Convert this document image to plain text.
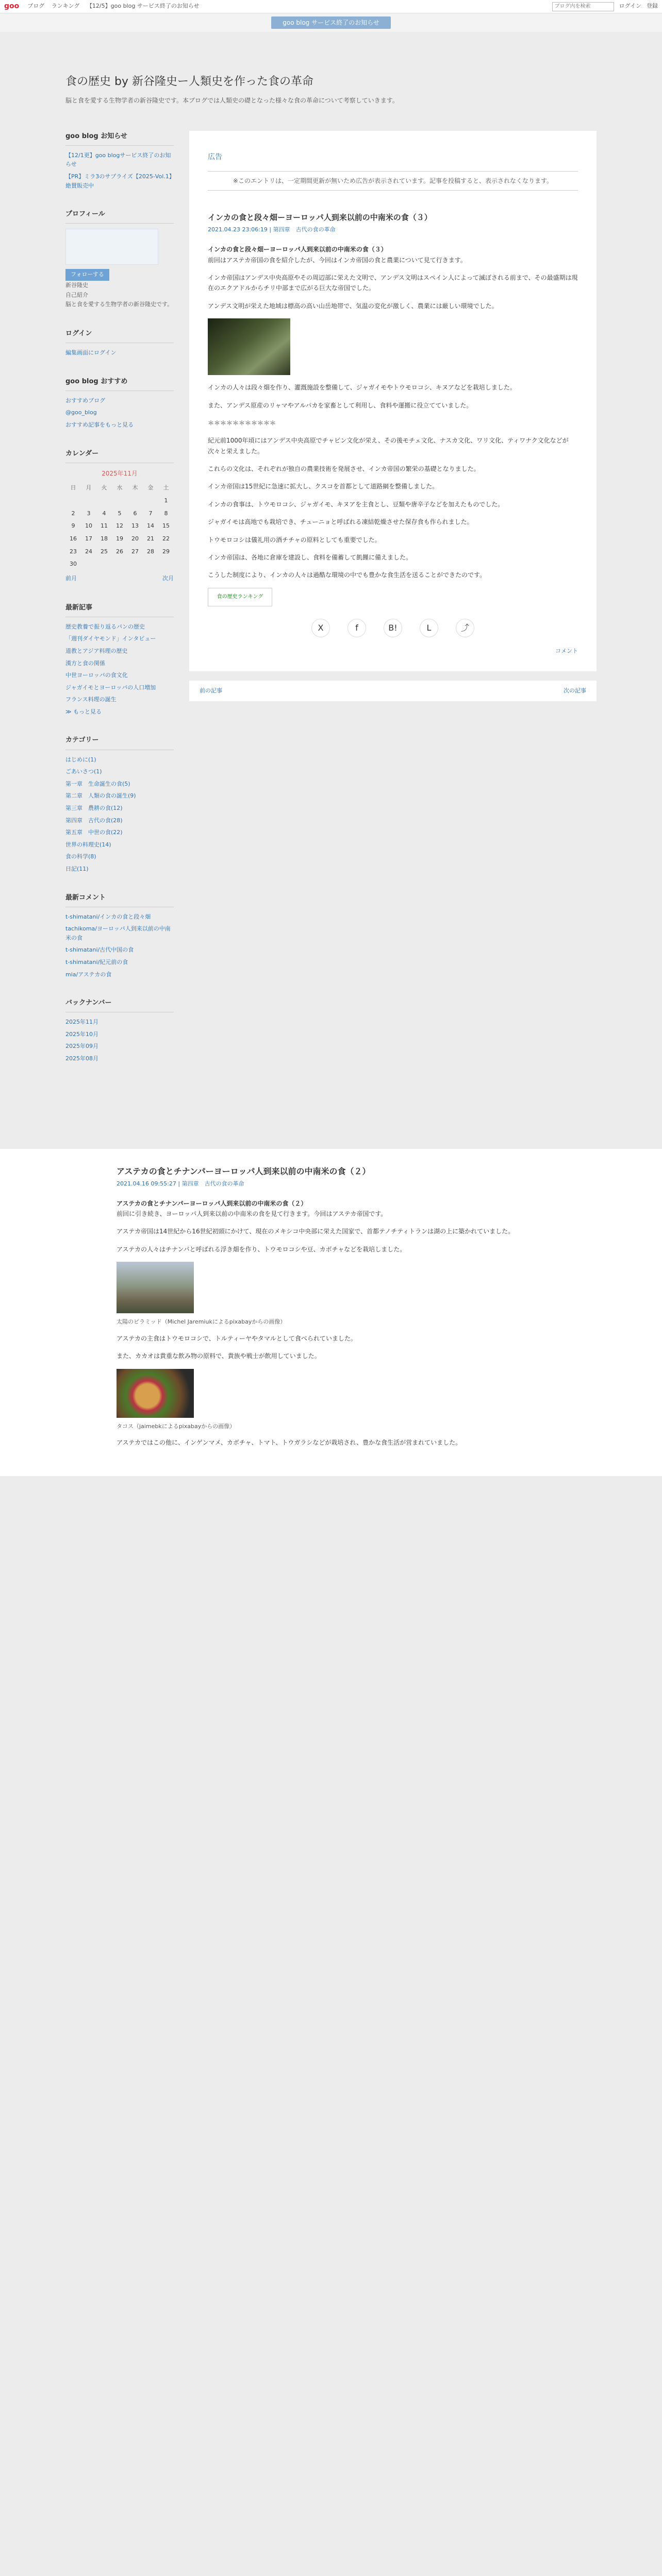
goo ブログ ランキング 【12/5】goo blog サービス終了のお知らせ
ブログ内を検索	ログイン 登録
goo blog サービス終了のお知らせ
食の歴史 by 新谷隆史ー人類史を作った食の革命

脳と食を愛する生物学者の新谷隆史です。本ブログでは人類史の礎となった様々な食の革命について考察していきます。

goo blog お知らせ
【12/1更】goo blogサービス終了のお知らせ
【PR】ミラ3のサプライズ【2025-Vol.1】絶賛販売中
プロフィール
フォローする
新谷隆史
自己紹介
脳と食を愛する生物学者の新谷隆史です。
ログイン
編集画面にログイン
goo blog おすすめ
おすすめブログ
@goo_blog
おすすめ記事をもっと見る
カレンダー
2025年11月
日	月	火	水	木	金	土
						1
2	3	4	5	6	7	8
9	10	11	12	13	14	15
16	17	18	19	20	21	22
23	24	25	26	27	28	29
30						
前月	次月
最新記事
歴史教養で振り返るパンの歴史
「週刊ダイヤモンド」インタビュー
道教とアジア料理の歴史
漢方と食の関係
中世ヨーロッパの食文化
ジャガイモとヨーロッパの人口増加
フランス料理の誕生
≫ もっと見る
カテゴリー
はじめに(1)
ごあいさつ(1)
第一章　生命誕生の食(5)
第二章　人類の食の誕生(9)
第三章　農耕の食(12)
第四章　古代の食(28)
第五章　中世の食(22)
世界の料理史(14)
食の科学(8)
日記(11)
最新コメント
t-shimatani/インカの食と段々畑
tachikoma/ヨーロッパ人到来以前の中南米の食
t-shimatani/古代中国の食
t-shimatani/紀元前の食
mia/アステカの食
バックナンバー
2025年11月
2025年10月
2025年09月
2025年08月
広告
※このエントリは、一定期間更新が無いため広告が表示されています。記事を投稿すると、表示されなくなります。
インカの食と段々畑ーヨーロッパ人到来以前の中南米の食（３）
2021.04.23 23:06:19 | 第四章　古代の食の革命

インカの食と段々畑ーヨーロッパ人到来以前の中南米の食（３）

前回はアステカ帝国の食を紹介したが、今回はインカ帝国の食と農業について見て行きます。

インカ帝国はアンデス中央高原やその周辺部に栄えた文明で、アンデス文明はスペイン人によって滅ぼされる前まで、その最盛期は現在のエクアドルからチリ中部まで広がる巨大な帝国でした。

アンデス文明が栄えた地域は標高の高い山岳地帯で、気温の変化が激しく、農業には厳しい環境でした。

インカの人々は段々畑を作り、灌漑施設を整備して、ジャガイモやトウモロコシ、キヌアなどを栽培しました。

また、アンデス原産のリャマやアルパカを家畜として利用し、食料や運搬に役立てていました。

＊＊＊＊＊＊＊＊＊＊＊

紀元前1000年頃にはアンデス中央高原でチャビン文化が栄え、その後モチェ文化、ナスカ文化、ワリ文化、ティワナク文化などが次々と栄えました。

これらの文化は、それぞれが独自の農業技術を発展させ、インカ帝国の繁栄の基礎となりました。

インカ帝国は15世紀に急速に拡大し、クスコを首都として道路網を整備しました。

インカの食事は、トウモロコシ、ジャガイモ、キヌアを主食とし、豆類や唐辛子などを加えたものでした。

ジャガイモは高地でも栽培でき、チューニョと呼ばれる凍結乾燥させた保存食も作られました。

トウモロコシは儀礼用の酒チチャの原料としても重要でした。

インカ帝国は、各地に倉庫を建設し、食料を備蓄して飢饉に備えました。

こうした制度により、インカの人々は過酷な環境の中でも豊かな食生活を送ることができたのです。

食の歴史ランキング
X	f	B!	L	⤴
コメント
前の記事	次の記事
アステカの食とチナンパーヨーロッパ人到来以前の中南米の食（２）
2021.04.16 09:55:27 | 第四章　古代の食の革命

アステカの食とチナンパーヨーロッパ人到来以前の中南米の食（２）

前回に引き続き、ヨーロッパ人到来以前の中南米の食を見て行きます。今回はアステカ帝国です。

アステカ帝国は14世紀から16世紀初頭にかけて、現在のメキシコ中央部に栄えた国家で、首都テノチティトランは湖の上に築かれていました。

アステカの人々はチナンパと呼ばれる浮き畑を作り、トウモロコシや豆、カボチャなどを栽培しました。

太陽のピラミッド（Michel Jaremiukによるpixabayからの画像）

アステカの主食はトウモロコシで、トルティーヤやタマルとして食べられていました。

また、カカオは貴重な飲み物の原料で、貴族や戦士が飲用していました。

タコス（jaimebkによるpixabayからの画像）

アステカではこの他に、インゲンマメ、カボチャ、トマト、トウガラシなどが栽培され、豊かな食生活が営まれていました。
